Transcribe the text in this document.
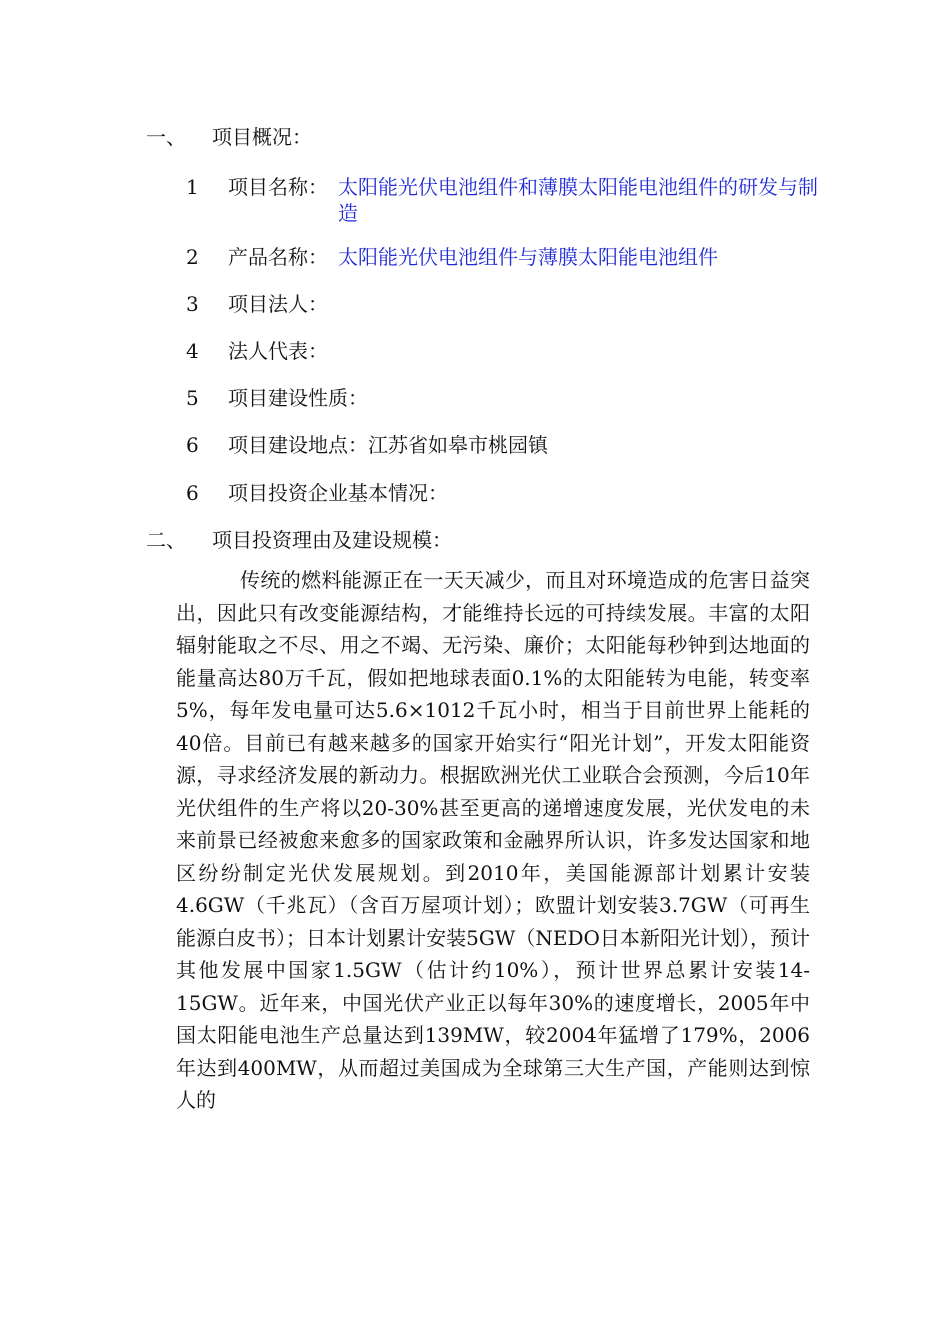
一、 项目概况：
1	项目名称： 太阳能光伏电池组件和薄膜太阳能电池组件的研发与制造
2	产品名称： 太阳能光伏电池组件与薄膜太阳能电池组件
3	项目法人：
4	法人代表：
5	项目建设性质：
6	项目建设地点：江苏省如皋市桃园镇
6	项目投资企业基本情况：
二、 项目投资理由及建设规模：

传统的燃料能源正在一天天减少，而且对环境造成的危害日益突出，因此只有改变能源结构，才能维持长远的可持续发展。丰富的太阳辐射能取之不尽、用之不竭、无污染、廉价；太阳能每秒钟到达地面的能量高达80万千瓦，假如把地球表面0.1%的太阳能转为电能，转变率5%，每年发电量可达5.6×1012千瓦小时，相当于目前世界上能耗的40倍。目前已有越来越多的国家开始实行“阳光计划”，开发太阳能资源，寻求经济发展的新动力。根据欧洲光伏工业联合会预测，今后10年光伏组件的生产将以20-30%甚至更高的递增速度发展，光伏发电的未来前景已经被愈来愈多的国家政策和金融界所认识，许多发达国家和地区纷纷制定光伏发展规划。到2010年，美国能源部计划累计安装4.6GW（千兆瓦）（含百万屋项计划）；欧盟计划安装3.7GW（可再生能源白皮书）；日本计划累计安装5GW（NEDO日本新阳光计划），预计其他发展中国家1.5GW（估计约10%），预计世界总累计安装14-15GW。近年来，中国光伏产业正以每年30%的速度增长，2005年中国太阳能电池生产总量达到139MW，较2004年猛增了179%，2006年达到400MW，从而超过美国成为全球第三大生产国，产能则达到惊人的
